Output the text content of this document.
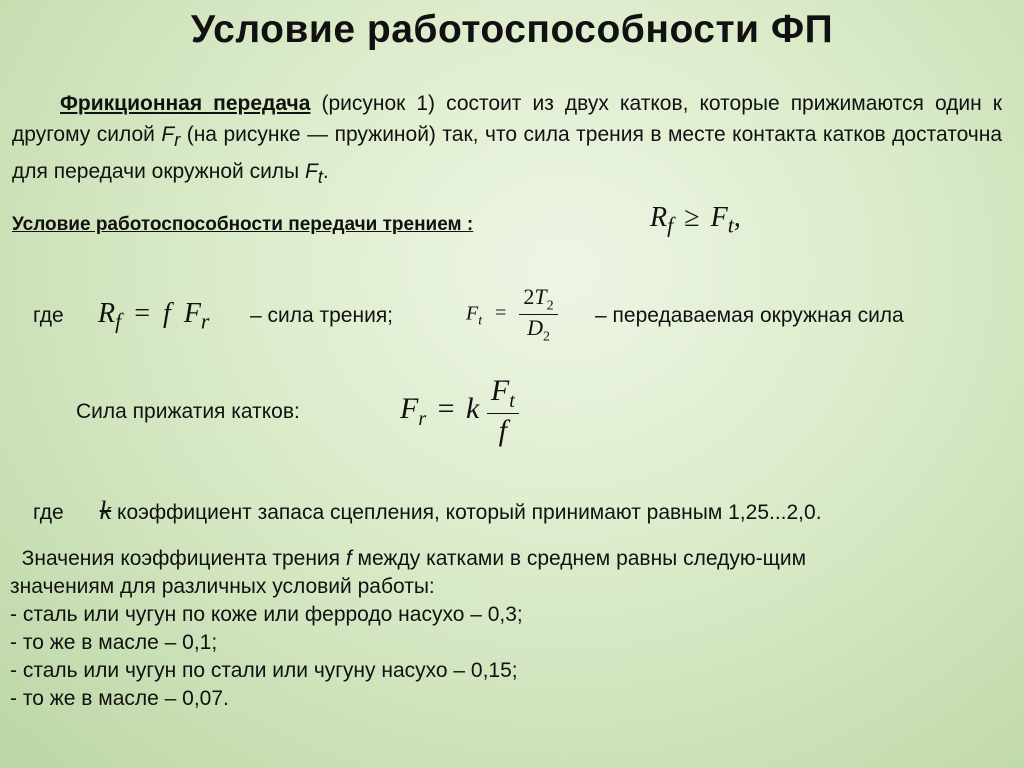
Условие работоспособности ФП
Фрикционная передача (рисунок 1) состоит из двух катков, которые прижимаются один к другому силой $F_r$ (на рисунке — пружиной) так, что сила трения в месте контакта катков достаточна для передачи окружной силы $F_t$.
Условие работоспособности передачи трением :	$R_f \ge F_t$,
где $R_f = f$ $F_r$ – сила трения;	$F_t = \frac{2T_2}{D_2}$ – передаваемая окружная сила
Сила прижатия катков:	$F_r = k \frac{F_t}{f}$
где k коэффициент запаса сцепления, который принимают равным 1,25...2,0.
Значения коэффициента трения f между катками в среднем равны следую-щим
значениям для различных условий работы:
- сталь или чугун по коже или ферродо насухо – 0,3;
- то же в масле – 0,1;
- сталь или чугун по стали или чугуну насухо – 0,15;
- то же в масле – 0,07.
